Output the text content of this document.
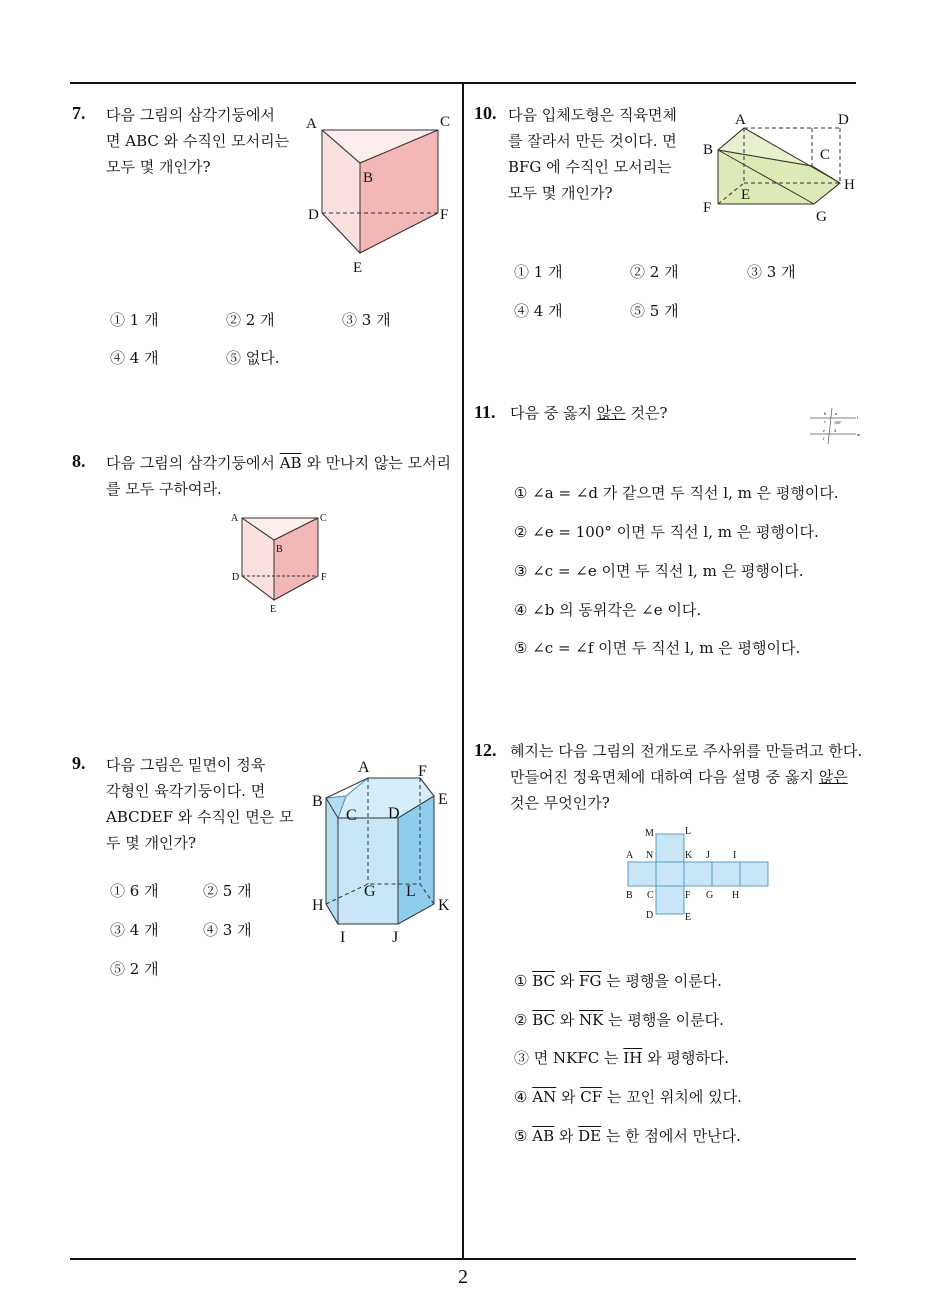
7. 다음 그림의 삼각기둥에서
면 ABC 와 수직인 모서리는
모두 몇 개인가?
A	C
B
D	F
E
① 1 개	② 2 개	③ 3 개
④ 4 개	⑤ 없다.
8. 다음 그림의 삼각기둥에서 $\overline{AB}$ 와 만나지 않는 모서리
를 모두 구하여라.
A	C
B
D	F
E
9. 다음 그림은 밑면이 정육
각형인 육각기둥이다. 면
ABCDEF 와 수직인 면은 모
두 몇 개인가?
A	F
B	E
C D
G L
H	K
I	J
① 6 개	② 5 개
③ 4 개	④ 3 개
⑤ 2 개
10. 다음 입체도형은 직육면체
를 잘라서 만든 것이다. 면
BFG 에 수직인 모서리는
모두 몇 개인가?
A	D
B	C
H
E
F
G
① 1 개	② 2 개	③ 3 개
④ 4 개	⑤ 5 개
11. 다음 중 옳지 않은 것은?	b a
c 100°
d
e
f
l
m
① ∠a = ∠d 가 같으면 두 직선 l, m 은 평행이다.
② ∠e = 100° 이면 두 직선 l, m 은 평행이다.
③ ∠c = ∠e 이면 두 직선 l, m 은 평행이다.
④ ∠b 의 동위각은 ∠e 이다.
⑤ ∠c = ∠f 이면 두 직선 l, m 은 평행이다.
12. 혜지는 다음 그림의 전개도로 주사위를 만들려고 한다.
만들어진 정육면체에 대하여 다음 설명 중 옳지 않은
것은 무엇인가?
M	L
A N	K J I
B C	F G H
D	E
① $\overline{BC}$ 와 $\overline{FG}$ 는 평행을 이룬다.
② $\overline{BC}$ 와 $\overline{NK}$ 는 평행을 이룬다.
③ 면 NKFC 는 $\overline{IH}$ 와 평행하다.
④ $\overline{AN}$ 와 $\overline{CF}$ 는 꼬인 위치에 있다.
⑤ $\overline{AB}$ 와 $\overline{DE}$ 는 한 점에서 만난다.
2
